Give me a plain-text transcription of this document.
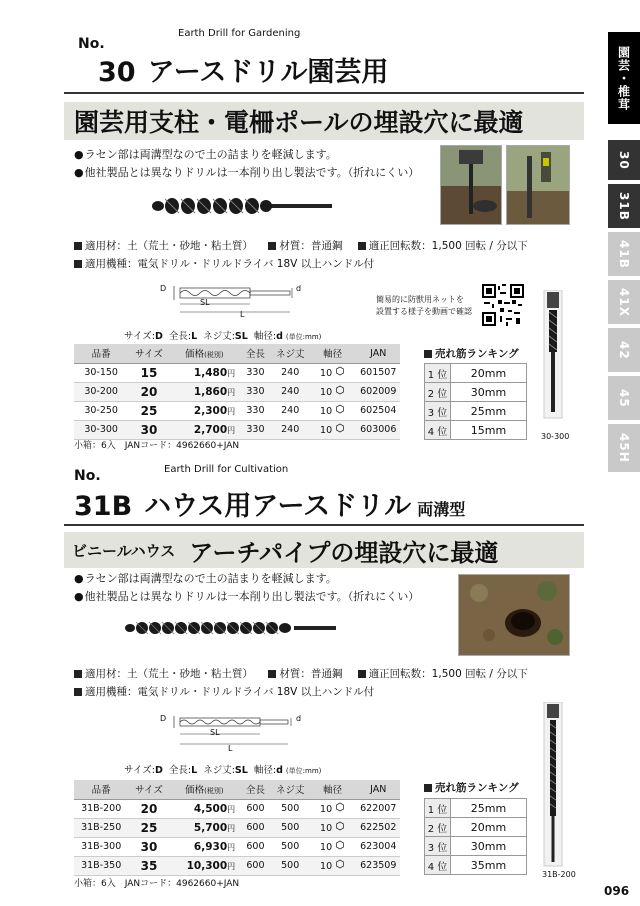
園芸・椎茸
30
31B
41B
41X
42
45
45H
096
No.
Earth Drill for Gardening
30 アースドリル園芸用
園芸用支柱・電柵ポールの埋設穴に最適
● ラセン部は両溝型なので土の詰まりを軽減します。
● 他社製品とは異なりドリルは一本削り出し製法です。（折れにくい）
適用材：土（荒土・砂地・粘土質）	材質：普通鋼	適正回転数：1,500 回転 / 分以下
適用機種：電気ドリル・ドリルドライバ 18V 以上ハンドル付
D
SL
L
d
サイズ:D 全長:L ネジ丈:SL 軸径:d (単位:mm)
簡易的に防獣用ネットを
設置する様子を動画で確認
品番	サイズ	価格(税別)	全長	ネジ丈	軸径	JAN
30-150	15	1,480円	330	240	10	601507
30-200	20	1,860円	330	240	10	602009
30-250	25	2,300円	330	240	10	602504
30-300	30	2,700円	330	240	10	603006
小箱：6入　JANコード：4962660+JAN
売れ筋ランキング
1 位	20mm
2 位	30mm
3 位	25mm
4 位	15mm	30-300
No.	Earth Drill for Cultivation
31B ハウス用アースドリル 両溝型
ビニールハウス アーチパイプの埋設穴に最適
● ラセン部は両溝型なので土の詰まりを軽減します。
● 他社製品とは異なりドリルは一本削り出し製法です。（折れにくい）
適用材：土（荒土・砂地・粘土質）	材質：普通鋼	適正回転数：1,500 回転 / 分以下
適用機種：電気ドリル・ドリルドライバ 18V 以上ハンドル付
D
SL
L
d
サイズ:D 全長:L ネジ丈:SL 軸径:d (単位:mm)
品番	サイズ	価格(税別)	全長	ネジ丈	軸径	JAN
31B-200	20	4,500円	600	500	10	622007
31B-250	25	5,700円	600	500	10	622502
31B-300	30	6,930円	600	500	10	623004
31B-350	35	10,300円	600	500	10	623509
小箱：6入　JANコード：4962660+JAN
売れ筋ランキング
1 位	25mm
2 位	20mm
3 位	30mm
4 位	35mm
31B-200
